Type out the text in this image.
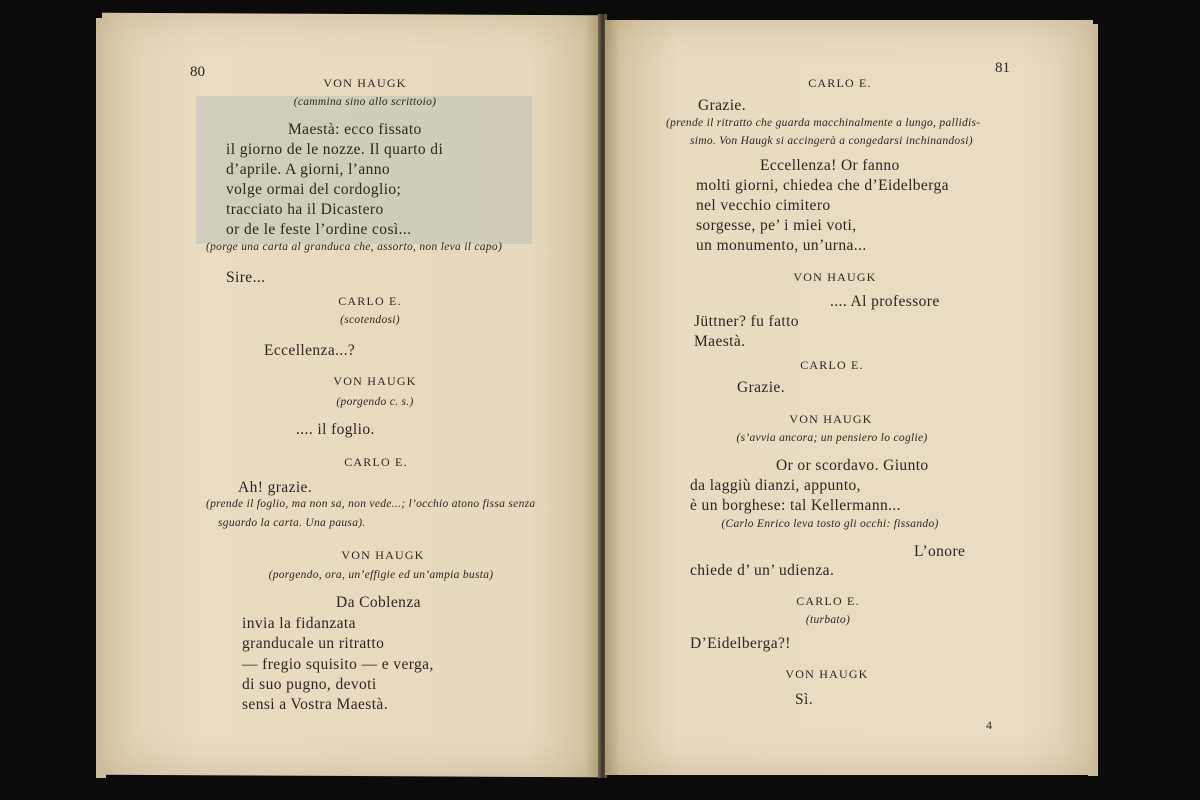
80
VON HAUGK
(cammina sino allo scrittoio)
Maestà: ecco fissato
il giorno de le nozze. Il quarto di
d’aprile. A giorni, l’anno
volge ormai del cordoglio;
tracciato ha il Dicastero
or de le feste l’ordine così...
(porge una carta al granduca che, assorto, non leva il capo)
Sire...
CARLO E.
(scotendosi)
Eccellenza...?
VON HAUGK
(porgendo c. s.)
.... il foglio.
CARLO E.
Ah! grazie.
(prende il foglio, ma non sa, non vede...; l’occhio atono fissa senza
sguardo la carta. Una pausa).
VON HAUGK
(porgendo, ora, un’effigie ed un’ampia busta)
Da Coblenza
invia la fidanzata
granducale un ritratto
— fregio squisito — e verga,
di suo pugno, devoti
sensi a Vostra Maestà.
81
CARLO E.
Grazie.
(prende il ritratto che guarda macchinalmente a lungo, pallidis-
simo. Von Haugk si accingerà a congedarsi inchinandosi)
Eccellenza! Or fanno
molti giorni, chiedea che d’Eidelberga
nel vecchio cimitero
sorgesse, pe’ i miei voti,
un monumento, un’urna...
VON HAUGK
.... Al professore
Jüttner? fu fatto
Maestà.
CARLO E.
Grazie.
VON HAUGK
(s’avvia ancora; un pensiero lo coglie)
Or or scordavo. Giunto
da laggiù dianzi, appunto,
è un borghese: tal Kellermann...
(Carlo Enrico leva tosto gli occhi: fissando)
L’onore
chiede d’ un’ udienza.
CARLO E.
(turbato)
D’Eidelberga?!
VON HAUGK
Sì.
4
